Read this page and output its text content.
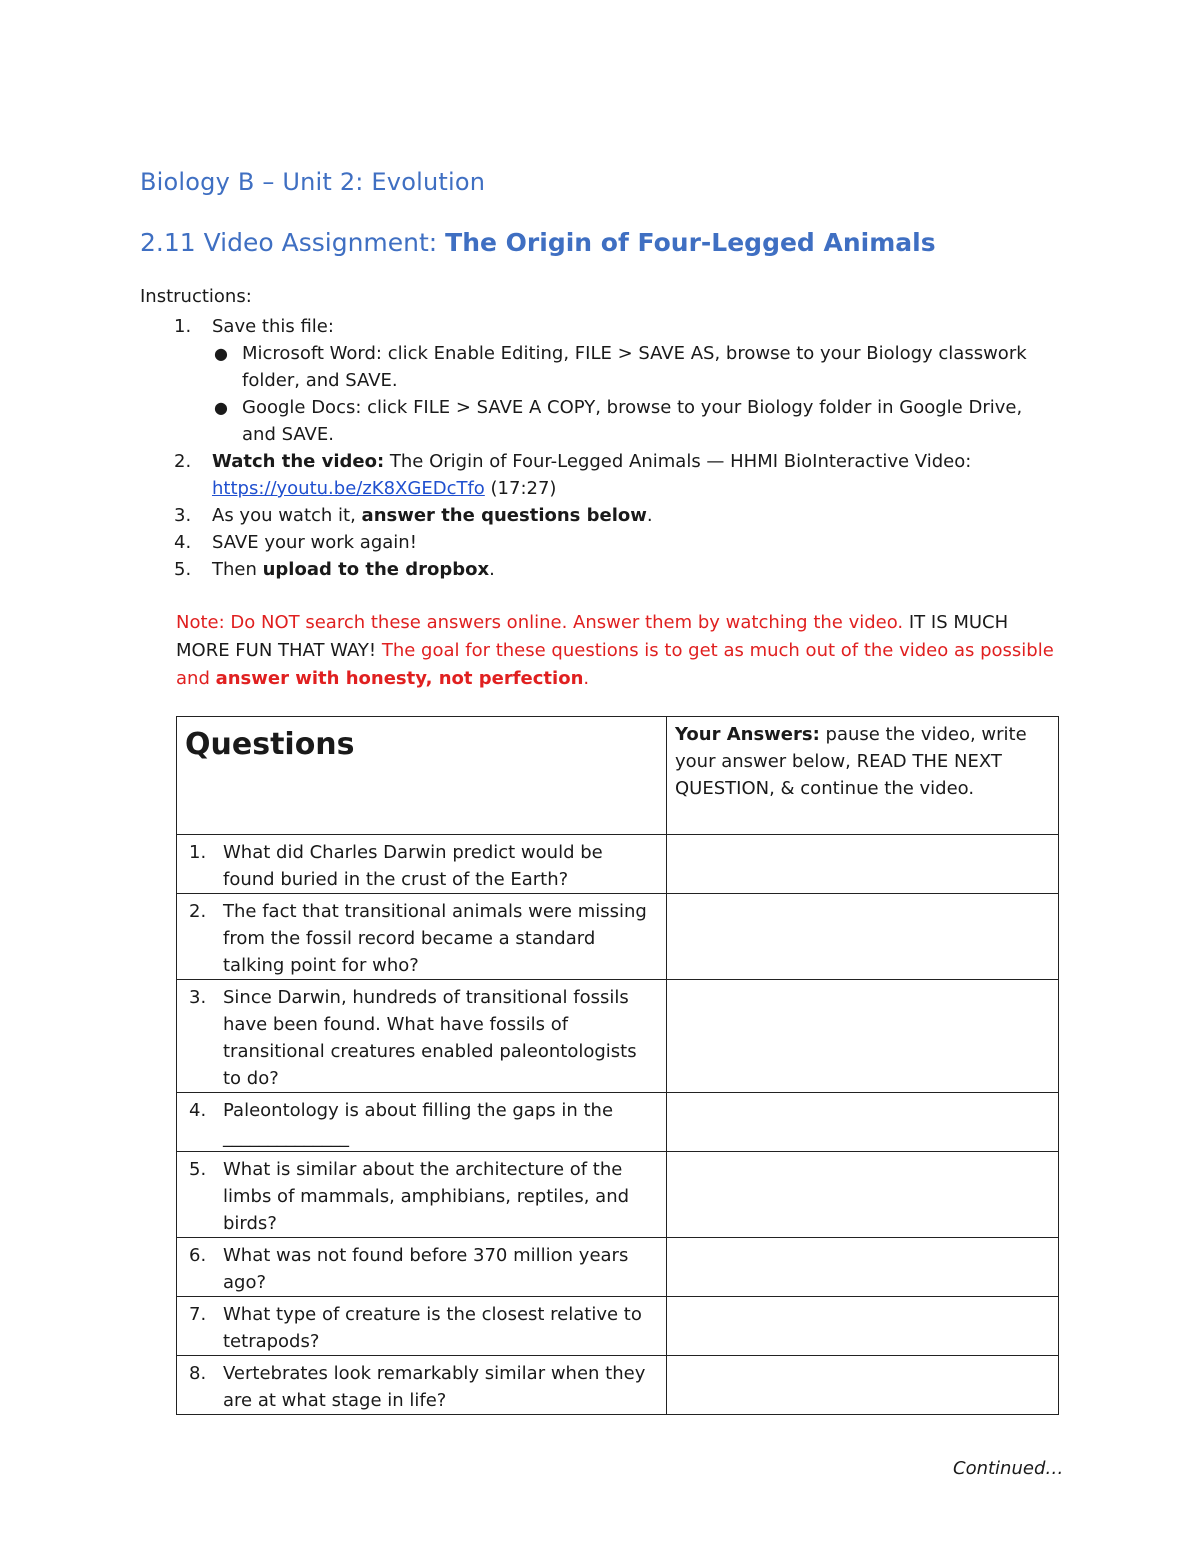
Biology B – Unit 2: Evolution
2.11 Video Assignment: The Origin of Four-Legged Animals
Instructions:
1. Save this file:
● Microsoft Word: click Enable Editing, FILE > SAVE AS, browse to your Biology classwork folder, and SAVE.
● Google Docs: click FILE > SAVE A COPY, browse to your Biology folder in Google Drive, and SAVE.
2. Watch the video: The Origin of Four-Legged Animals — HHMI BioInteractive Video:
https://youtu.be/zK8XGEDcTfo (17:27)
3. As you watch it, answer the questions below.
4. SAVE your work again!
5. Then upload to the dropbox.
Note: Do NOT search these answers online. Answer them by watching the video. IT IS MUCH MORE FUN THAT WAY! The goal for these questions is to get as much out of the video as possible and answer with honesty, not perfection.
Questions	Your Answers: pause the video, write your answer below, READ THE NEXT QUESTION, & continue the video.

1. What did Charles Darwin predict would be found buried in the crust of the Earth?	

2. The fact that transitional animals were missing from the fossil record became a standard talking point for who?	

3. Since Darwin, hundreds of transitional fossils have been found. What have fossils of transitional creatures enabled paleontologists to do?	

4. Paleontology is about filling the gaps in the ______________	

5. What is similar about the architecture of the limbs of mammals, amphibians, reptiles, and birds?	

6. What was not found before 370 million years ago?	

7. What type of creature is the closest relative to tetrapods?	

8. Vertebrates look remarkably similar when they are at what stage in life?	

Continued…
